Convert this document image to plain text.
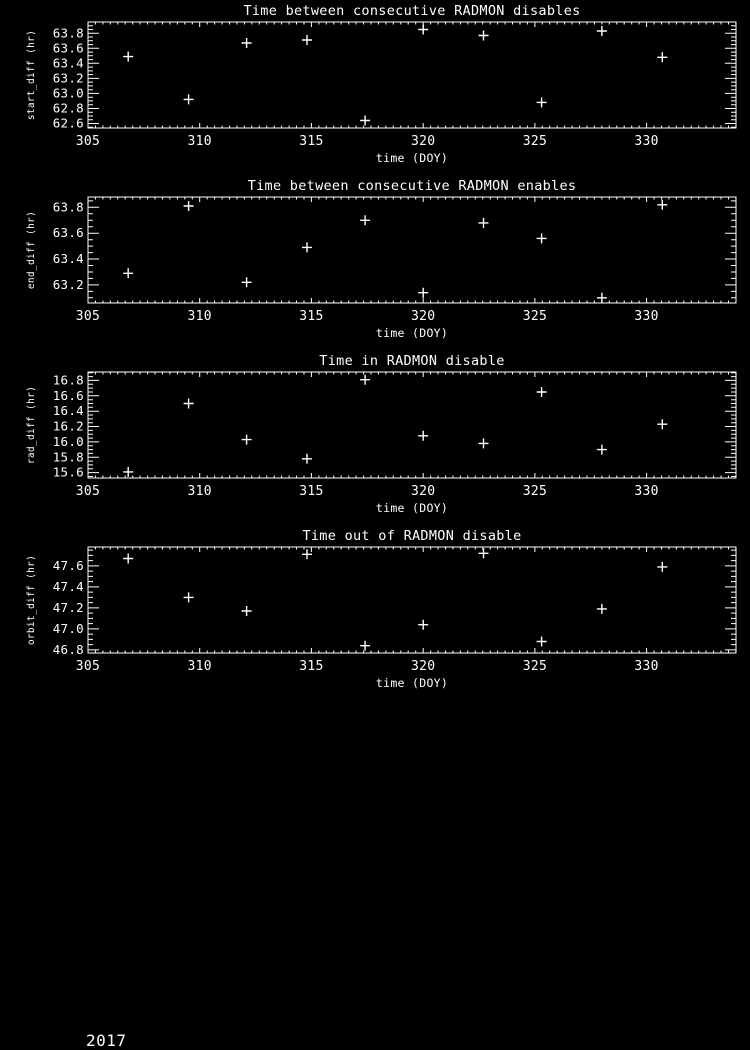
305	310	315	320	325	330
62.6
62.8
63.0
63.2
63.4
63.6
63.8
Time between consecutive RADMON disables
time (DOY)
start_diff (hr)
305	310	315	320	325	330
63.2
63.4
63.6
63.8
Time between consecutive RADMON enables
time (DOY)
end_diff (hr)
305	310	315	320	325	330
15.6
15.8
16.0
16.2
16.4
16.6
16.8
Time in RADMON disable
time (DOY)
rad_diff (hr)
305	310	315	320	325	330
46.8
47.0
47.2
47.4
47.6
Time out of RADMON disable
time (DOY)
orbit_diff (hr)
2017
